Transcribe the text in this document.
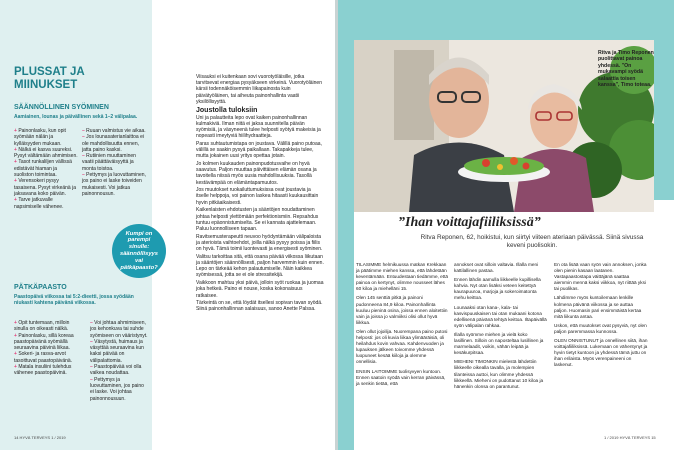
PLUSSAT JA MIINUKSET
SÄÄNNÖLLINEN SYÖMINEN
Aamiainen, lounas ja päivällinen sekä 1–2 välipalaa.
+ Painonlasku, kun opit syömään nälän ja kylläisyyden mukaan.
+ Nälkä ei kasva suureksi. Pysyt vältämään ahmimisen.
+ Tasot runkaliljen vällissä edistävät hiaman ja suoliston toimintaa.
+ Verensokeri pysyy tasaisena. Pysyt virkeänä ja jaksavana koko päivän.
+ Tarve jatkuvalle napsimiselle vähenee.
– Ruuan valmistus vie aikaa.
– Jos lounasaterianlaittoa ei ole mahdollisuutta ennen, jatta paino kasksi.
– Rutiinien muuttaminen vaatii päättäväisyyttä ja monta toistoa.
– Pettymys ja luovuttaminen, jos paino ei laske toiveiden mukaisesti. Voi jatkua painonnousun.
Kumpi on parempi sinulle: säännöllisyys vai pätkäpaasto?
PÄTKÄPAASTO
Paastopäivä viikossa tai 5:2-dieetti, jossa syödään niukasti kahtena päivänä viikossa.
+ Opit tuntemaan, milloin sinulla on oikeasti nälkä.
+ Painonlasku, sillä koreaa paastopäivänä syömällä seuraavina päivinä liikaa.
+ Sokeri- ja rasva-arvot tasoittuvat paastopäivänä.
+ Matala insuliini tulehdus vähenee paastopäivinä.
– Voi johtaa ahmimiseen, jos kehonkuva tai suhde syömiseen on vääristynyt.
– Väsytystä, huimaus ja väsyttää seuraavina kun kaksi päivää on välipalattomia.
– Paastopäivää voi olla vaikea noudattaa.
– Pettymys ja luovuttaminen, jos paino ei laske. Voi johtaa painonnousuun.

Viisauksi ei kuitenkaan sovi vuorotyöläisille, jotka tarvitsevat energiaa pysyäkseen virkeinä. Vuorotyöläinen kärsii todennäköisemmin liikapainosta kuin päivätyöläinen, tai aiheuta painonhallinta vaatii yksilöllisyyttä.

Joustolla tuloksiin

Uni ja palautteita lepo ovat kaiken painonhallinnan kulmakiviä. Ilman niitä ei jaksa suunnitella päivän syömisiä, ja väsyneenä tulee helposti syötyä makeisia ja nopeasti imeytyviä hiilihydraatteja.

Paras suhtautumistapa on joustava. Välillä paino putoaa, välillä se saakin pysyä paikallaan. Takapakkeja tulee, mutta jokainen uusi yritys opettaa jotain.

Jo kolmen kuukauden painonpudotusvaihe on hyvä saavutus. Paljon muuttaa päivittäisen elämän osana ja tavoitella niissä myös uusia mahdollisuuksia. Tasollä kestävämpää on elämäntapamuutos.

Jos muutokset ruokailuttumuksissa ovat joustavia ja itselle helppoja, voi painon laskea hitaasti kuukausittain hyvin pitkäaikaisesti.

Kaikenlaisten ehdotusten ja sääntöjen noudattaminen johtaa helposti ylettömään perfektionismiin. Repsahdus tuntuu epäonnistumiselta. Se ei kannata ajattelemaan. Paluu luonnolliseen tapaan.

Ravitsemusterapeutti neuvoo hyödyntämään välipaloista ja aterioista vaihtoehdot, joilla nälkä pysyy poissa ja fiilis on hyvä. Tämä toimii luontevasti ja energisesti syöminen.

Valitsu tarkoittaa sitä, että osana päivää viikossa liikutaan ja sääntöjen säännöllisesti, paljon harvemmin kuin ennen. Lepo on tärkeää kehon palautumiselle. Näin kaikkea syömisessä, jotta se ei ole stressitekijä.

Vaikkoon mahtuu yksi päivä, jolloin syöt ruokaa ja juomaa joka hetkeä. Paino ei nouse, koska kokonaisuus ratkaisee.

Tärkeintä on se, että löydät itsellesi sopivan tavan syödä. Siinä painonhallinnan salaisuus, sanoo Anette Palssa.

14 HYVÄ TERVEYS 1 / 2019	1 / 2019 HYVÄ TERVEYS 15
Ritva ja Timo Reponen puolittavat painoa yhdessä. "On mukavampi syödä salaattia toisen kanssa", Timo toteaa.
”Ihan voittajafiiliksissä”
Ritva Reponen, 62, hoikistui, kun siirtyi viiteen ateriaan päivässä. Siinä sivussa keveni puolisokin.

TILASIMME helmikuussa matkan Krekkaan ja päätimme miehen kanssa, että lähdetään keventämään. Entuudestaan tiedämme, että painoa on kertynyt, olimme nousseet lähes 60 kiloa ja miehelläni 15.

Olen 145 senttiä pitkä ja painoni pudonneena 84,9 kiloa. Painonhallinta kuuluu pieninä osina, joissa ennen aloitettiin vain ja joissa jo valmiiksi olisi ollut hyvä liikkua.

Olen ollut jojoilija. Nuorempana paino putosi helposti: jos oli kuvia liikaa ylimääräisiä, oli heilahdus kovin vahvaa. Kahdenvuoden ja lupauksen jälkeen toivomme yhdessä luopuneet kesää kiiloja ja olemme onnellisia.

ENSIN LAITOIMME tuolisyvyen kuntoon. Ennen saatoin syödä vain kerran päivässä, ja senkin tietää, että

annokset ovat silloin valtavia. Illalla meni kattilallinen pastaa.

Ennen lähdin aamulla liikkeelle kupillisella kahvia. Nyt otan lisäksi veteen keitettyä kaurapuuroa, marjoja ja sokeroimatonta mehu keittoa.

Lounaaksi otan kana-, kala- tai kasvispuuskaisen tai otan mukaani kotona edellisenä päivänä tehtyä keittoa. Iltapäivällä syön välipalan rahkaa.

Illalla syömme miehen ja vielä koko lasillinen. Silloin on naposteltaa lusillinen ja marmelaadit, voikin, vähän leipää ja kesäkurpitsaa.

MIEHENI TIMONKIN mielestä lähdettiin liikkeelle oikealla tavalla, ja molempien tilanteissa auttoi, kun olimme yhdessä liikkeellä. Mieheni on pudottanut 10 kiloa ja hänenkin olonsa on parantunut.

En ota lisää vaan syön vain annoksen, jonka olen pienin kasaan laatanen. Vastapaastostapa väittäjänä saattaa aiemmin mennä kaksi viikkoa, nyt riittää yksi tai puolikas.

Lähdimme myös kuntoilemaan lenkille kolmena päivänä viikossa ja se auttaa paljon. Huomasin pari ensimmäistä kertaa mitä liikunta antaa.

Uskon, että muutokset ovat pysyviä, nyt olen paljon paremmassa kunnossa.

OLEN ONNISTUNUT ja onnellinen siitä, ihan voittajafiiliksissä. Lukemaan on vähentynyt ja hyvin tietyt kuntoon ja yhdessä tämä juttu on ihan erilaista. Myös verenpaineeni on laskenut.
